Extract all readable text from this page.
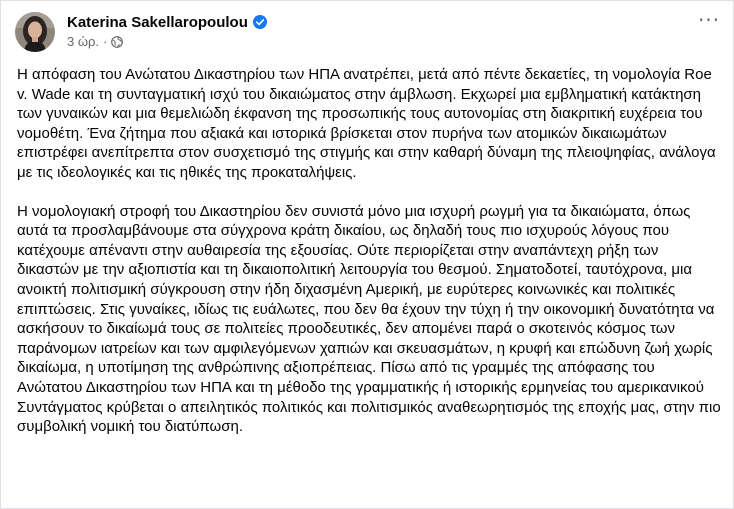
Katerina Sakellaropoulou
3 ώρ. ·
···

Η απόφαση του Ανώτατου Δικαστηρίου των ΗΠΑ ανατρέπει, μετά από πέντε δεκαετίες, τη νομολογία Roe v. Wade και τη συνταγματική ισχύ του δικαιώματος στην άμβλωση. Εκχωρεί μια εμβληματική κατάκτηση των γυναικών και μια θεμελιώδη έκφανση της προσωπικής τους αυτονομίας στη διακριτική ευχέρεια του νομοθέτη. Ένα ζήτημα που αξιακά και ιστορικά βρίσκεται στον πυρήνα των ατομικών δικαιωμάτων επιστρέφει ανεπίτρεπτα στον συσχετισμό της στιγμής και στην καθαρή δύναμη της πλειοψηφίας, ανάλογα με τις ιδεολογικές και τις ηθικές της προκαταλήψεις.

Η νομολογιακή στροφή του Δικαστηρίου δεν συνιστά μόνο μια ισχυρή ρωγμή για τα δικαιώματα, όπως αυτά τα προσλαμβάνουμε στα σύγχρονα κράτη δικαίου, ως δηλαδή τους πιο ισχυρούς λόγους που κατέχουμε απέναντι στην αυθαιρεσία της εξουσίας. Ούτε περιορίζεται στην αναπάντεχη ρήξη των δικαστών με την αξιοπιστία και τη δικαιοπολιτική λειτουργία του θεσμού. Σηματοδοτεί, ταυτόχρονα, μια ανοικτή πολιτισμική σύγκρουση στην ήδη διχασμένη Αμερική, με ευρύτερες κοινωνικές και πολιτικές επιπτώσεις. Στις γυναίκες, ιδίως τις ευάλωτες, που δεν θα έχουν την τύχη ή την οικονομική δυνατότητα να ασκήσουν το δικαίωμά τους σε πολιτείες προοδευτικές, δεν απομένει παρά ο σκοτεινός κόσμος των παράνομων ιατρείων και των αμφιλεγόμενων χαπιών και σκευασμάτων, η κρυφή και επώδυνη ζωή χωρίς δικαίωμα, η υποτίμηση της ανθρώπινης αξιοπρέπειας. Πίσω από τις γραμμές της απόφασης του Ανώτατου Δικαστηρίου των ΗΠΑ και τη μέθοδο της γραμματικής ή ιστορικής ερμηνείας του αμερικανικού Συντάγματος κρύβεται ο απειλητικός πολιτικός και πολιτισμικός αναθεωρητισμός της εποχής μας, στην πιο συμβολική νομική του διατύπωση.
